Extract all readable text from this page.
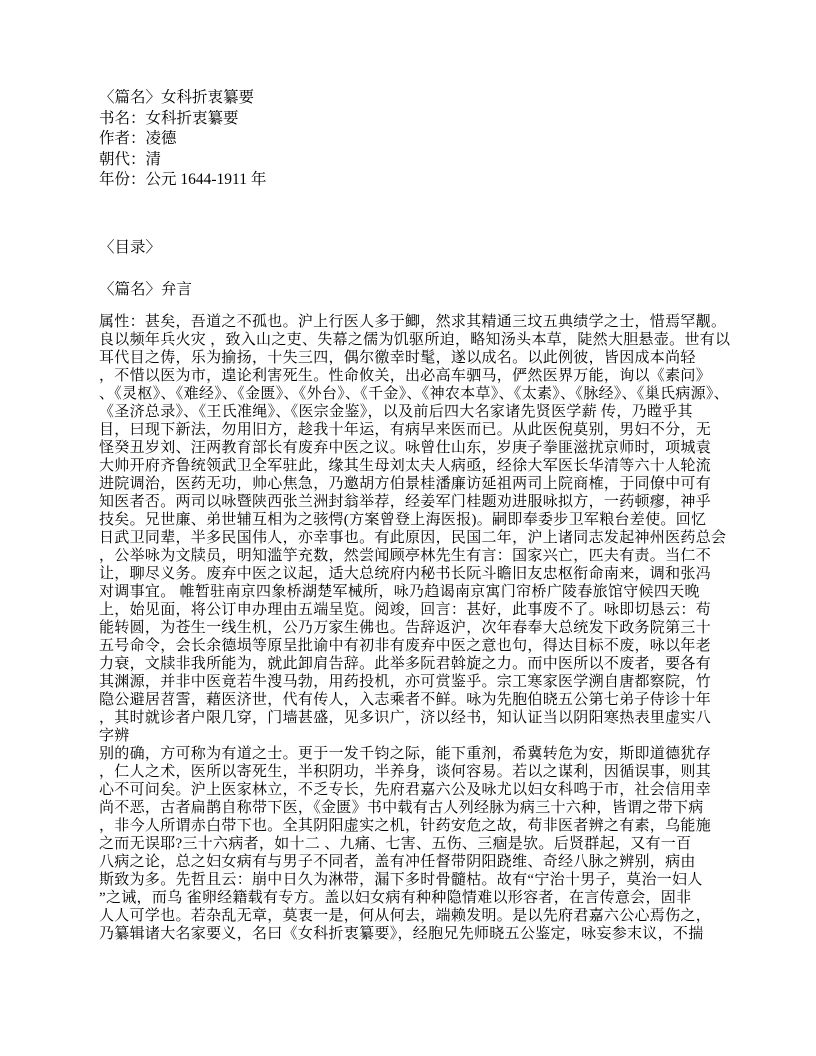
〈篇名〉女科折衷纂要
书名：女科折衷纂要
作者：凌德
朝代：清
年份：公元 1644-1911 年
〈目录〉
〈篇名〉弁言
属性：甚矣，吾道之不孤也。沪上行医人多于鲫，然求其精通三坟五典绩学之士，惜焉罕觏。
良以频年兵火灾 ，致入山之吏、失幕之儒为饥驱所迫，略知汤头本草，陡然大胆悬壶。世有以
耳代目之俦，乐为揄扬，十失三四，偶尔徼幸时髦，遂以成名。以此例彼，皆因成本尚轻
，不惜以医为市，遑论利害死生。性命攸关，出必高车驷马，俨然医界万能，询以《素问》
、《灵枢》、《难经》、《金匮》、《外台》、《千金》、《神农本草》、《太素》、《脉经》、《巢氏病源》、
《圣济总录》、《王氏准绳》、《医宗金鉴》，以及前后四大名家诸先贤医学薪 传，乃瞠乎其
目，曰现下新法，勿用旧方，趁我十年运，有病早来医而已。从此医倪莫别，男妇不分，无
怪癸丑岁刘、汪两教育部长有废弃中医之议。咏曾仕山东，岁庚子拳匪滋扰京师时，项城袁
大帅开府齐鲁统领武卫全军驻此，缘其生母刘太夫人病亟，经徐大军医长华清等六十人轮流
进院调治，医药无功，帅心焦急，乃邀胡方伯景桂潘廉访延祖两司上院商榷，于同僚中可有
知医者否。两司以咏暨陕西张兰洲封翁举荐，经姜军门桂题劝进服咏拟方，一药顿瘳，神乎
技矣。兄世廉、弟世辅互相为之骇愕(方案曾登上海医报)。嗣即奉委步卫军粮台差使。回忆
日武卫同辈，半多民国伟人，亦幸事也。有此原因，民国二年，沪上诸同志发起神州医药总会
，公举咏为文牍员，明知滥竽充数，然尝闻顾亭林先生有言：国家兴亡，匹夫有责。当仁不
让，聊尽义务。废弃中医之议起，适大总统府内秘书长阮斗瞻旧友忠枢衔命南来，调和张冯
对调事宜。 帷暂驻南京四象桥湖楚军械所，咏乃趋谒南京寓门帘桥广陵春旅馆守候四天晚
上，始见面，将公订申办理由五端呈览。阅竣，回言：甚好，此事废不了。咏即切恳云：苟
能转圆，为苍生一线生机，公乃万家生佛也。告辞返沪，次年春奉大总统发下政务院第三十
五号命令，会长余德埙等原呈批谕中有初非有废弃中医之意也句，得达目标不废，咏以年老
力衰，文牍非我所能为，就此卸肩告辞。此举多阮君斡旋之力。而中医所以不废者，要各有
其渊源，并非中医竟若牛溲马勃，用药投机，亦可赏鉴乎。宗工寒家医学溯自唐都察院，竹
隐公避居苕霅，藉医济世，代有传人，入志乘者不鲜。咏为先胞伯晓五公第七弟子侍诊十年
，其时就诊者户限几穿，门墙甚盛，见多识广，济以经书，知认证当以阴阳寒热表里虚实八
字辨
别的确，方可称为有道之士。更于一发千钧之际，能下重剂，希冀转危为安，斯即道德犹存
，仁人之术，医所以寄死生，半积阴功，半养身，谈何容易。若以之谋利，因循误事，则其
心不可问矣。沪上医家林立，不乏专长，先府君嘉六公及咏尤以妇女科鸣于市，社会信用幸
尚不恶，古者扁鹊自称带下医，《金匮》书中载有古人列经脉为病三十六种，皆谓之带下病
，非今人所谓赤白带下也。全其阴阳虚实之机，针药安危之故，苟非医者辨之有素，乌能施
之而无误耶?三十六病者，如十二 、九痛、七害、五伤、三痼是欤。后贤群起，又有一百
八病之论，总之妇女病有与男子不同者，盖有冲任督带阴阳跷维、奇经八脉之辨别，病由
斯致为多。先哲且云：崩中日久为淋带，漏下多时骨髓枯。故有“宁治十男子，莫治一妇人
”之诫，而乌 雀卵经籍载有专方。盖以妇女病有种种隐情难以形容者，在言传意会，固非
人人可学也。若杂乱无章，莫衷一是，何从何去，端赖发明。是以先府君嘉六公心焉伤之，
乃纂辑诸大名家要义，名曰《女科折衷纂要》，经胞兄先师晓五公鉴定，咏妄参末议，不揣
